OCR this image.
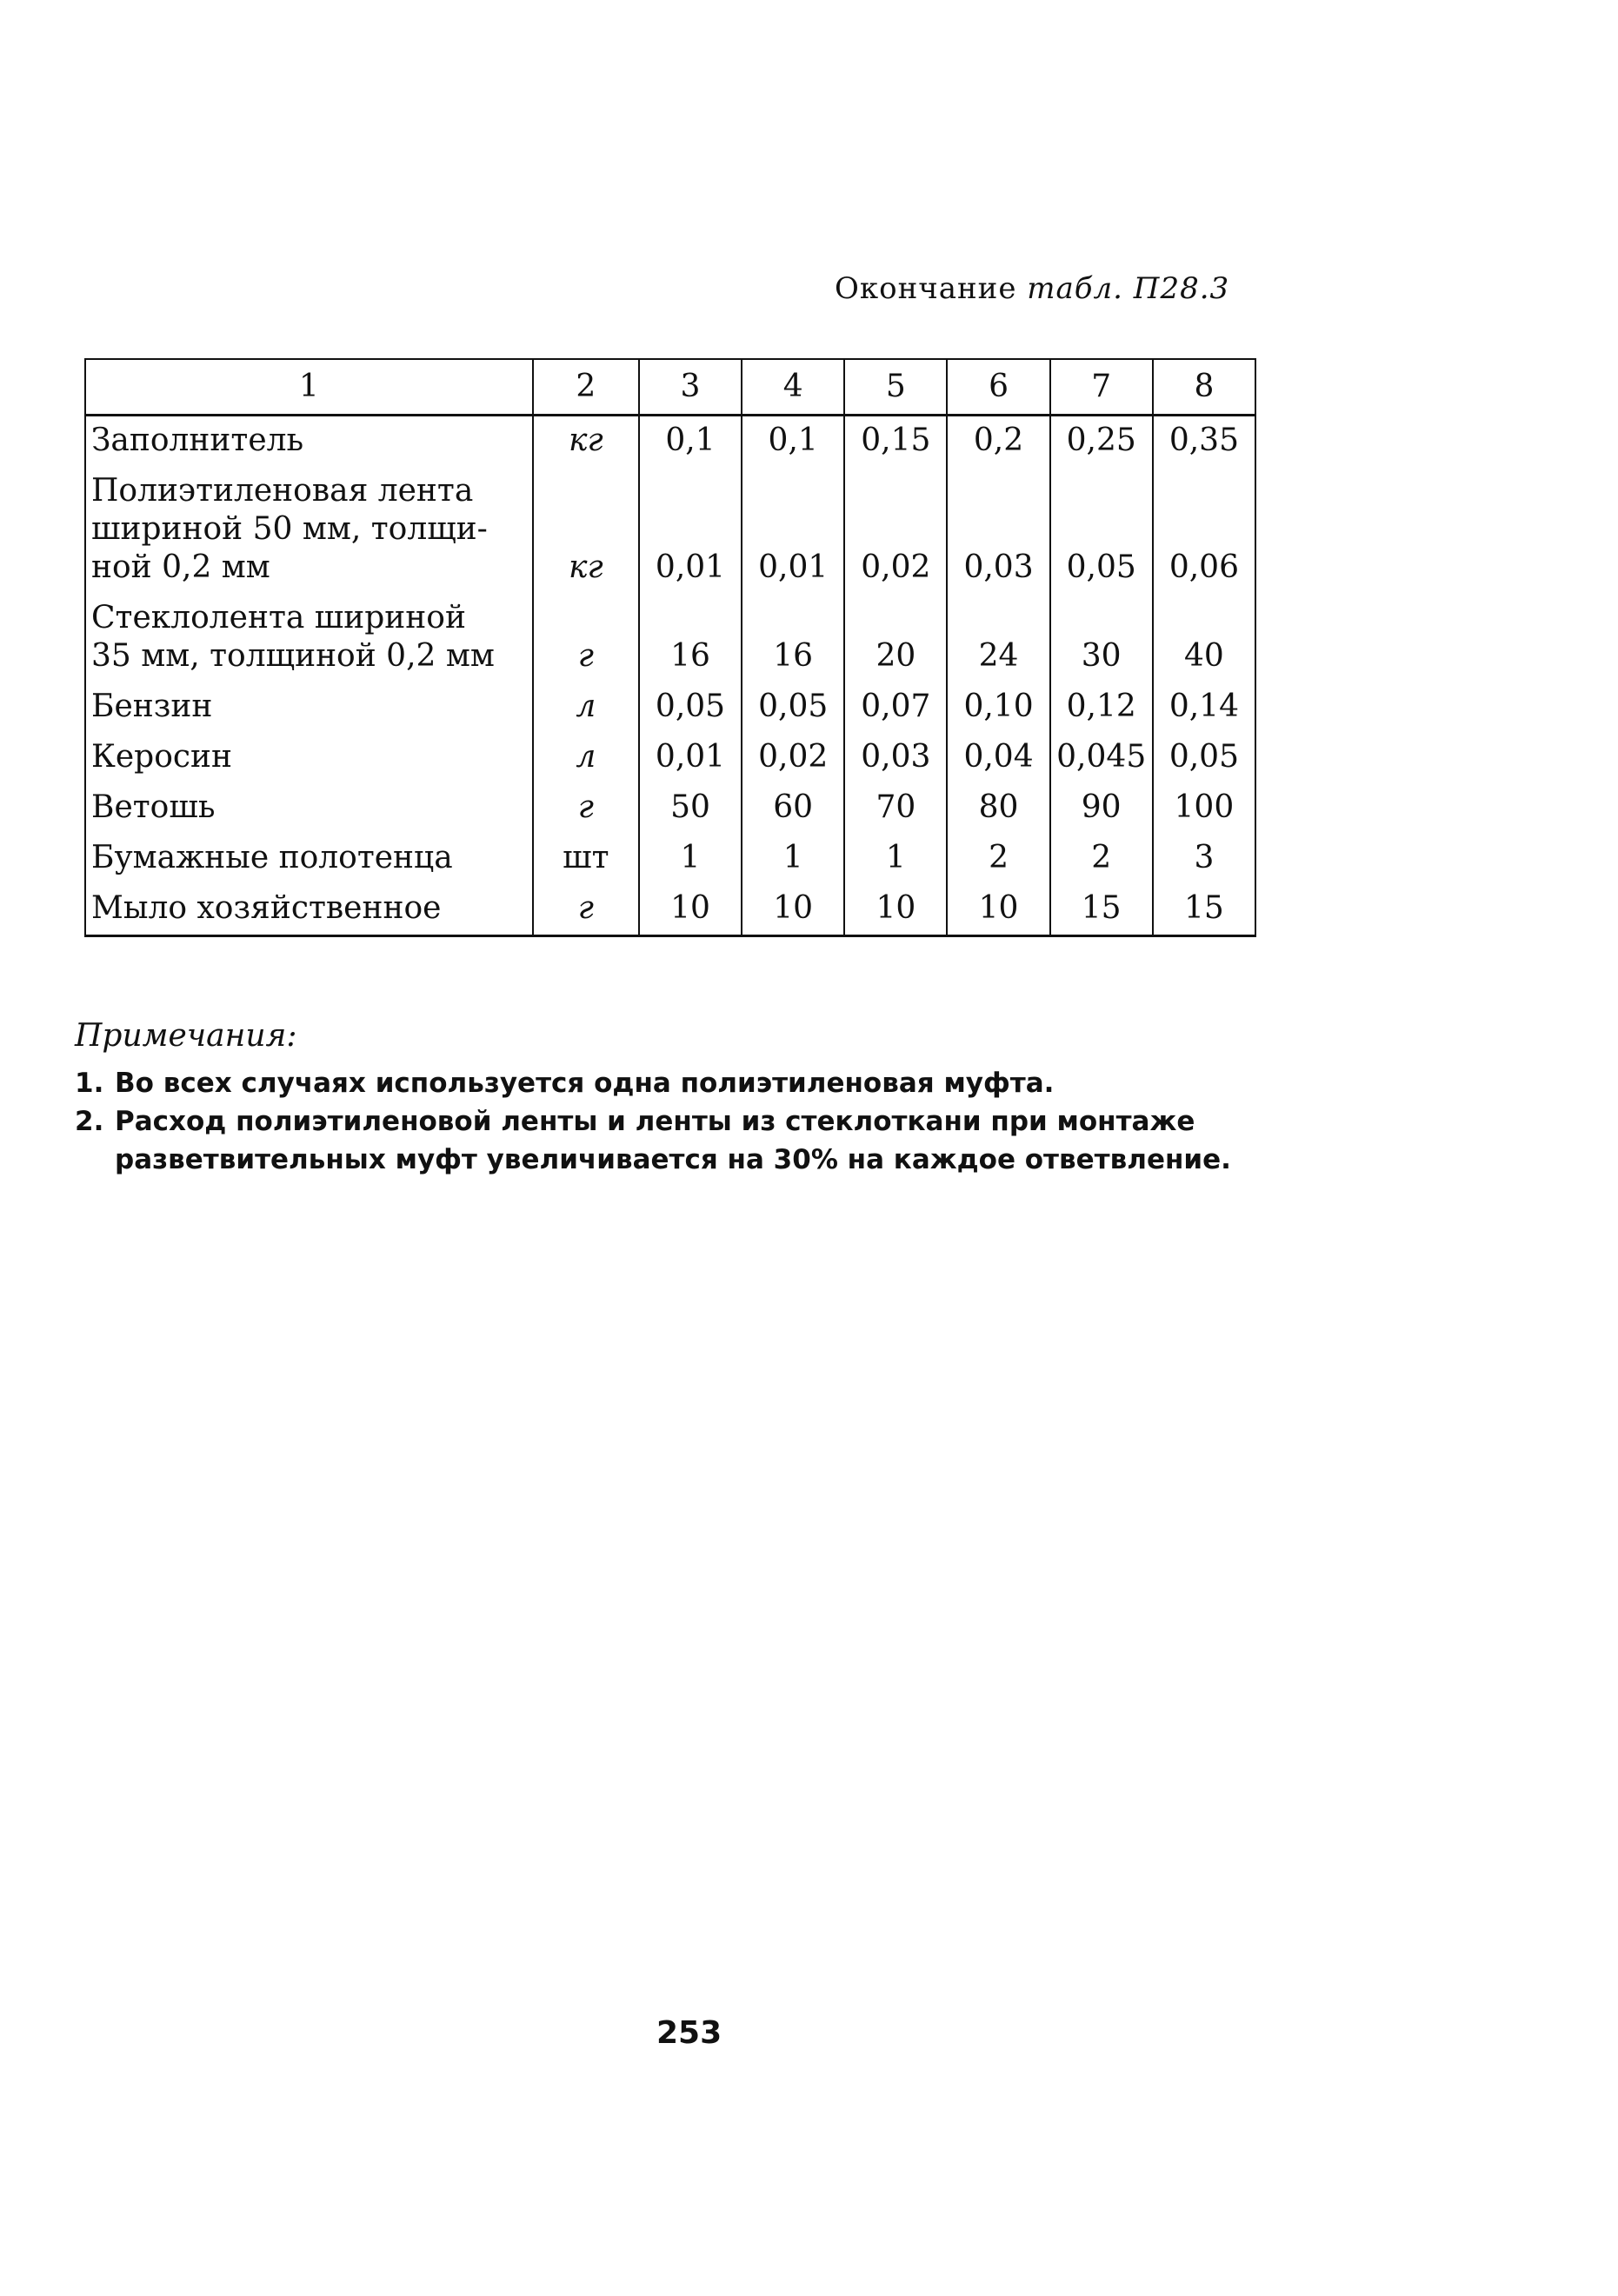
Окончание табл. П28.3
1	2	3	4	5	6	7	8

Заполнитель	кг	0,1	0,1	0,15	0,2	0,25	0,35

Полиэтиленовая лента
шириной 50 мм, толщи-
ной 0,2 мм	кг	0,01	0,01	0,02	0,03	0,05	0,06

Стеклолента шириной
35 мм, толщиной 0,2 мм	г	16	16	20	24	30	40

Бензин	л	0,05	0,05	0,07	0,10	0,12	0,14

Керосин	л	0,01	0,02	0,03	0,04	0,045	0,05

Ветошь	г	50	60	70	80	90	100

Бумажные полотенца	шт	1	1	1	2	2	3

Мыло хозяйственное	г	10	10	10	10	15	15
Примечания:
1. Во всех случаях используется одна полиэтиленовая муфта.
2. Расход полиэтиленовой ленты и ленты из стеклоткани при монтаже разветвительных муфт увеличивается на 30% на каждое ответвление.
253
